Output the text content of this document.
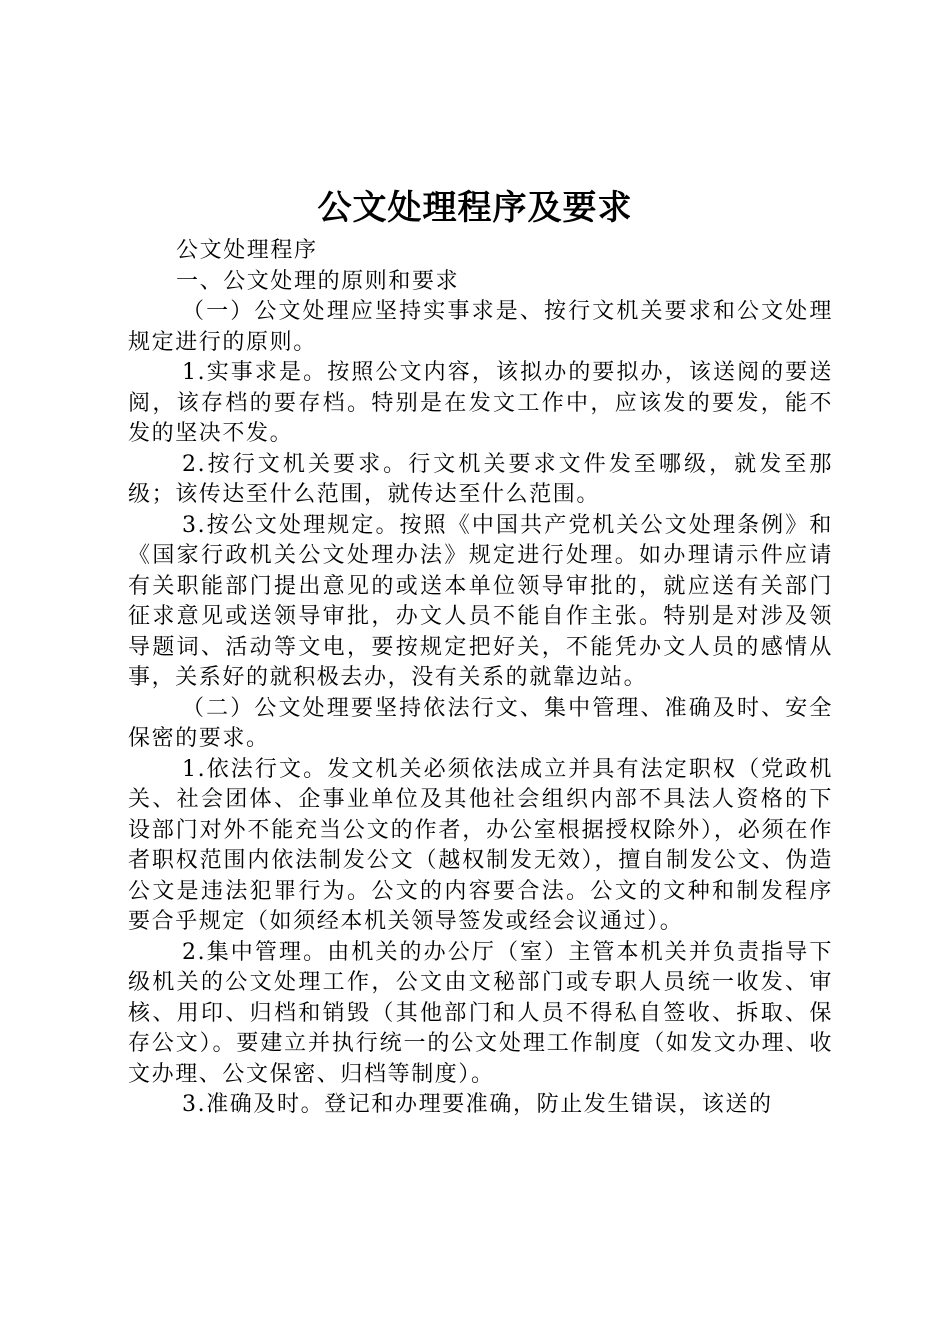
公文处理程序及要求

公文处理程序

一、公文处理的原则和要求

（一）公文处理应坚持实事求是、按行文机关要求和公文处理规定进行的原则。

1.实事求是。按照公文内容，该拟办的要拟办，该送阅的要送阅，该存档的要存档。特别是在发文工作中，应该发的要发，能不发的坚决不发。

2.按行文机关要求。行文机关要求文件发至哪级，就发至那级；该传达至什么范围，就传达至什么范围。

3.按公文处理规定。按照《中国共产党机关公文处理条例》和《国家行政机关公文处理办法》规定进行处理。如办理请示件应请有关职能部门提出意见的或送本单位领导审批的，就应送有关部门征求意见或送领导审批，办文人员不能自作主张。特别是对涉及领导题词、活动等文电，要按规定把好关，不能凭办文人员的感情从事，关系好的就积极去办，没有关系的就靠边站。

（二）公文处理要坚持依法行文、集中管理、准确及时、安全保密的要求。

1.依法行文。发文机关必须依法成立并具有法定职权（党政机关、社会团体、企事业单位及其他社会组织内部不具法人资格的下设部门对外不能充当公文的作者，办公室根据授权除外），必须在作者职权范围内依法制发公文（越权制发无效），擅自制发公文、伪造公文是违法犯罪行为。公文的内容要合法。公文的文种和制发程序要合乎规定（如须经本机关领导签发或经会议通过）。

2.集中管理。由机关的办公厅（室）主管本机关并负责指导下级机关的公文处理工作，公文由文秘部门或专职人员统一收发、审核、用印、归档和销毁（其他部门和人员不得私自签收、拆取、保存公文）。要建立并执行统一的公文处理工作制度（如发文办理、收文办理、公文保密、归档等制度）。

3.准确及时。登记和办理要准确，防止发生错误，该送的
